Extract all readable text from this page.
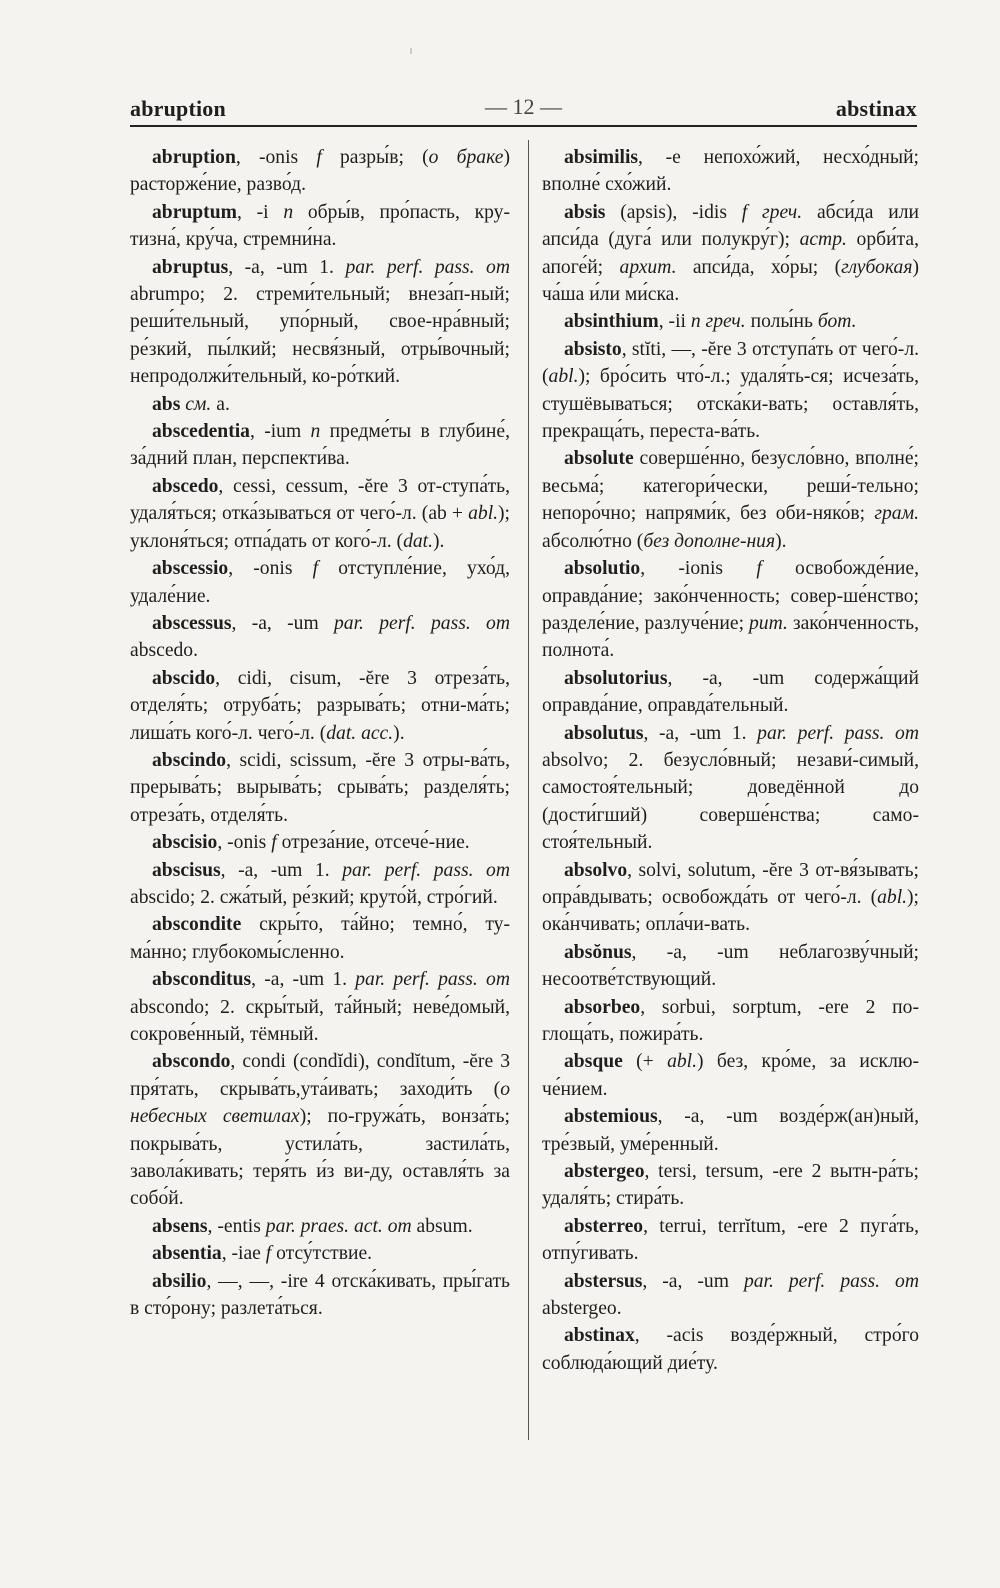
abruption	— 12 —	abstinax

abruption, -onis f разры́в; (о браке) расторже́ние, разво́д.

abruptum, -i n обры́в, про́пасть, кру-тизна́, кру́ча, стремни́на.

abruptus, -a, -um 1. par. perf. pass. от abrumpo; 2. стреми́тельный; внеза́п-ный; реши́тельный, упо́рный, свое-нра́вный; ре́зкий, пы́лкий; несвя́зный, отры́вочный; непродолжи́тельный, ко-ро́ткий.

abs см. a.

abscedentia, -ium n предме́ты в глубине́, за́дний план, перспекти́ва.

abscedo, cessi, cessum, -ĕre 3 от-ступа́ть, удаля́ться; отка́зываться от чего́-л. (ab + abl.); уклоня́ться; отпа́дать от кого́-л. (dat.).

abscessio, -onis f отступле́ние, ухо́д, удале́ние.

abscessus, -a, -um par. perf. pass. от abscedo.

abscido, cidi, cisum, -ĕre 3 отреза́ть, отделя́ть; отруба́ть; разрыва́ть; отни-ма́ть; лиша́ть кого́-л. чего́-л. (dat. acc.).

abscindo, scidi, scissum, -ĕre 3 отры-ва́ть, прерыва́ть; вырыва́ть; срыва́ть; разделя́ть; отреза́ть, отделя́ть.

abscisio, -onis f отреза́ние, отсече́-ние.

abscisus, -a, -um 1. par. perf. pass. от abscido; 2. сжа́тый, ре́зкий; круто́й, стро́гий.

abscondite скры́то, та́йно; темно́, ту-ма́нно; глубокомы́сленно.

absconditus, -a, -um 1. par. perf. pass. от abscondo; 2. скры́тый, та́йный; неве́домый, сокрове́нный, тёмный.

abscondo, condi (condĭdi), condĭtum, -ĕre 3 пря́тать, скрыва́ть,ута́ивать; заходи́ть (о небесных светилах); по-гружа́ть, вонза́ть; покрыва́ть, устила́ть, застила́ть, завола́кивать; теря́ть и́з ви-ду, оставля́ть за собо́й.

absens, -entis par. praes. act. от absum.

absentia, -iae f отсу́тствие.

absilio, —, —, -ire 4 отска́кивать, пры́гать в сто́рону; разлета́ться.

absimilis, -e непохо́жий, несхо́дный; вполне́ схо́жий.

absis (apsis), -idis f греч. абси́да или апси́да (дуга́ или полукру́г); астр. орби́та, апоге́й; архит. апси́да, хо́ры; (глубокая) ча́ша и́ли ми́ска.

absinthium, -ii n греч. полы́нь бот.

absisto, stĭti, —, -ĕre 3 отступа́ть от чего́-л. (abl.); бро́сить что́-л.; удаля́ть-ся; исчеза́ть, стушёвываться; отска́ки-вать; оставля́ть, прекраща́ть, переста-ва́ть.

absolute соверше́нно, безусло́вно, вполне́; весьма́; категори́чески, реши́-тельно; непоро́чно; напрями́к, без оби-няко́в; грам. абсолю́тно (без дополне-ния).

absolutio, -ionis f освобожде́ние, оправда́ние; зако́нченность; совер-ше́нство; разделе́ние, разлуче́ние; рит. зако́нченность, полнота́.

absolutorius, -a, -um содержа́щий оправда́ние, оправда́тельный.

absolutus, -a, -um 1. par. perf. pass. от absolvo; 2. безусло́вный; незави́-симый, самостоя́тельный; доведённой до (дости́гший) соверше́нства; само-стоя́тельный.

absolvo, solvi, solutum, -ĕre 3 от-вя́зывать; опра́вдывать; освобожда́ть от чего́-л. (abl.); ока́нчивать; опла́чи-вать.

absŏnus, -a, -um неблагозву́чный; несоотве́тствующий.

absorbeo, sorbui, sorptum, -ere 2 по-глоща́ть, пожира́ть.

absque (+ abl.) без, кро́ме, за исклю-че́нием.

abstemious, -a, -um возде́рж(ан)ный, тре́звый, уме́ренный.

abstergeo, tersi, tersum, -ere 2 вытн-ра́ть; удаля́ть; стира́ть.

absterreo, terrui, terrĭtum, -ere 2 пуга́ть, отпу́гивать.

abstersus, -a, -um par. perf. pass. от abstergeo.

abstinax, -acis возде́ржный, стро́го соблюда́ющий дие́ту.
